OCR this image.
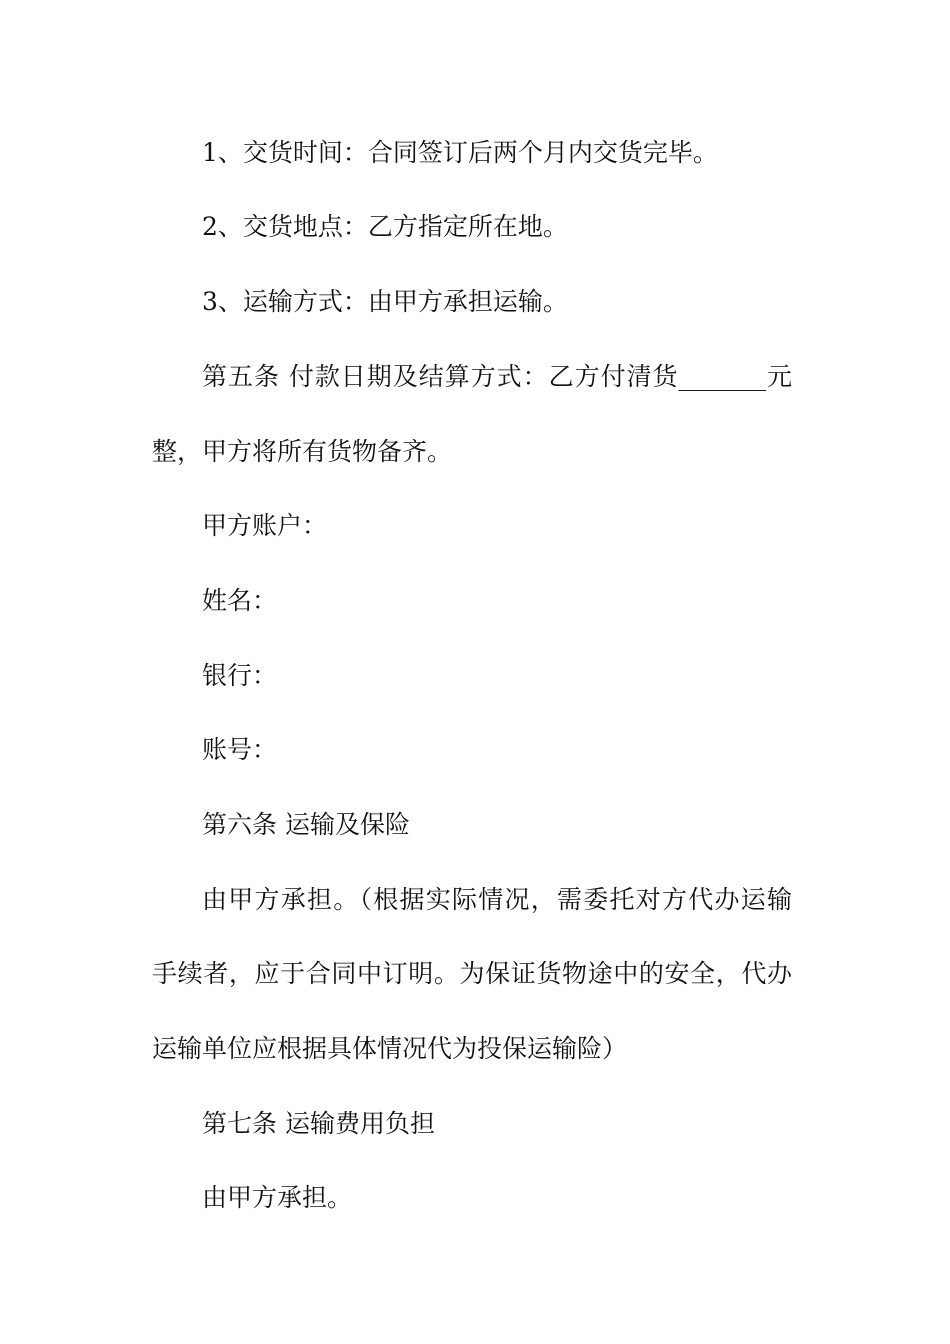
1、交货时间：合同签订后两个月内交货完毕。
2、交货地点：乙方指定所在地。
3、运输方式：由甲方承担运输。
第五条 付款日期及结算方式：乙方付清货_______元
整，甲方将所有货物备齐。
甲方账户：
姓名：
银行：
账号：
第六条 运输及保险
由甲方承担。（根据实际情况，需委托对方代办运输
手续者，应于合同中订明。为保证货物途中的安全，代办
运输单位应根据具体情况代为投保运输险）
第七条 运输费用负担
由甲方承担。
